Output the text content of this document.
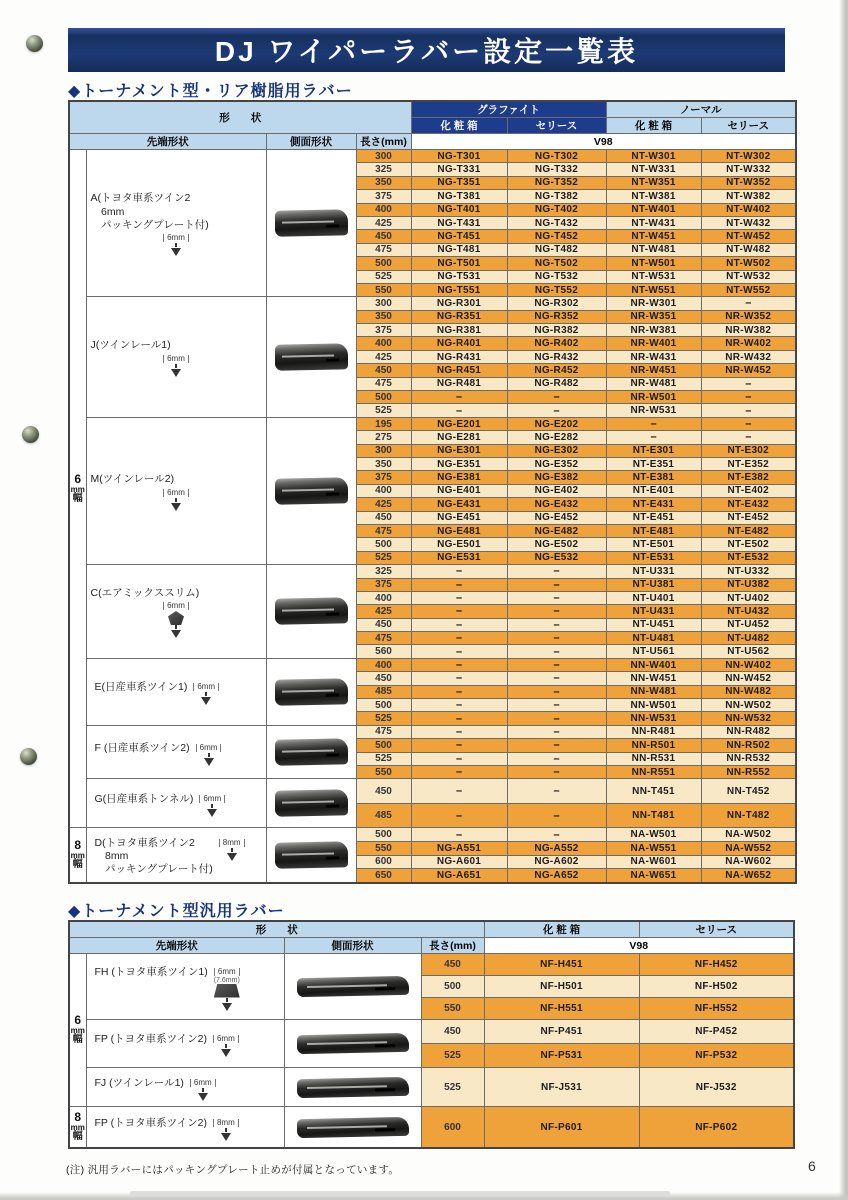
DJ ワイパーラバー設定一覧表
◆トーナメント型・リア樹脂用ラバー
形　　状				グラファイト		ノーマル	
				化 粧 箱	セリース	化 粧 箱	セリース
先端形状		側面形状	長さ(mm)	V98			

6
mm
幅

A(トヨタ車系ツイン2
　6mm
　パッキングプレート付)
6mm

	300	NG-T301	NG-T302	NT-W301	NT-W302
			325	NG-T331	NG-T332	NT-W331	NT-W332
			350	NG-T351	NG-T352	NT-W351	NT-W352
			375	NG-T381	NG-T382	NT-W381	NT-W382
			400	NG-T401	NG-T402	NT-W401	NT-W402
			425	NG-T431	NG-T432	NT-W431	NT-W432
			450	NG-T451	NG-T452	NT-W451	NT-W452
			475	NG-T481	NG-T482	NT-W481	NT-W482
			500	NG-T501	NG-T502	NT-W501	NT-W502
			525	NG-T531	NG-T532	NT-W531	NT-W532
			550	NG-T551	NG-T552	NT-W551	NT-W552

	J(ツインレール1)
6mm		300	NG-R301	NG-R302	NR-W301	–
			350	NG-R351	NG-R352	NR-W351	NR-W352
			375	NG-R381	NG-R382	NR-W381	NR-W382
			400	NG-R401	NG-R402	NR-W401	NR-W402
			425	NG-R431	NG-R432	NR-W431	NR-W432
			450	NG-R451	NG-R452	NR-W451	NR-W452
			475	NG-R481	NG-R482	NR-W481	–
			500	–	–	NR-W501	–
			525	–	–	NR-W531	–

	M(ツインレール2)
6mm		195	NG-E201	NG-E202	–	–
			275	NG-E281	NG-E282	–	–
			300	NG-E301	NG-E302	NT-E301	NT-E302
			350	NG-E351	NG-E352	NT-E351	NT-E352
			375	NG-E381	NG-E382	NT-E381	NT-E382
			400	NG-E401	NG-E402	NT-E401	NT-E402
			425	NG-E431	NG-E432	NT-E431	NT-E432
			450	NG-E451	NG-E452	NT-E451	NT-E452
			475	NG-E481	NG-E482	NT-E481	NT-E482
			500	NG-E501	NG-E502	NT-E501	NT-E502
			525	NG-E531	NG-E532	NT-E531	NT-E532

	C(エアミックススリム)
6mm		325	–	–	NT-U331	NT-U332
			375	–	–	NT-U381	NT-U382
			400	–	–	NT-U401	NT-U402
			425	–	–	NT-U431	NT-U432
			450	–	–	NT-U451	NT-U452
			475	–	–	NT-U481	NT-U482
			560	–	–	NT-U561	NT-U562

	E(日産車系ツイン1) 6mm		400	–	–	NN-W401	NN-W402
			450	–	–	NN-W451	NN-W452
			485	–	–	NN-W481	NN-W482
			500	–	–	NN-W501	NN-W502
			525	–	–	NN-W531	NN-W532

	F (日産車系ツイン2) 6mm		475	–	–	NN-R481	NN-R482
			500	–	–	NN-R501	NN-R502
			525	–	–	NN-R531	NN-R532
			550	–	–	NN-R551	NN-R552

	G(日産車系トンネル) 6mm		450	–	–	NN-T451	NN-T452
			485	–	–	NN-T481	NN-T482

8
mm
幅

D(トヨタ車系ツイン2
　8mm
　パッキングプレート付)
8mm

	500	–	–	NA-W501	NA-W502
			550	NG-A551	NG-A552	NA-W551	NA-W552
			600	NG-A601	NG-A602	NA-W601	NA-W602
			650	NG-A651	NG-A652	NA-W651	NA-W652
◆トーナメント型汎用ラバー
形　　状				化 粧 箱	セリース
先端形状		側面形状	長さ(mm)	V98	

6
mm
幅

FH (トヨタ車系ツイン1)	6mm
(7.6mm)

	450	NF-H451	NF-H452
			500	NF-H501	NF-H502
			550	NF-H551	NF-H552

	FP (トヨタ車系ツイン2) 6mm		450	NF-P451	NF-P452
			525	NF-P531	NF-P532

	FJ (ツインレール1) 6mm		525	NF-J531	NF-J532

8
mm
幅

FP (トヨタ車系ツイン2)	8mm		600	NF-P601	NF-P602
(注) 汎用ラバーにはパッキングプレート止めが付属となっています。	6
